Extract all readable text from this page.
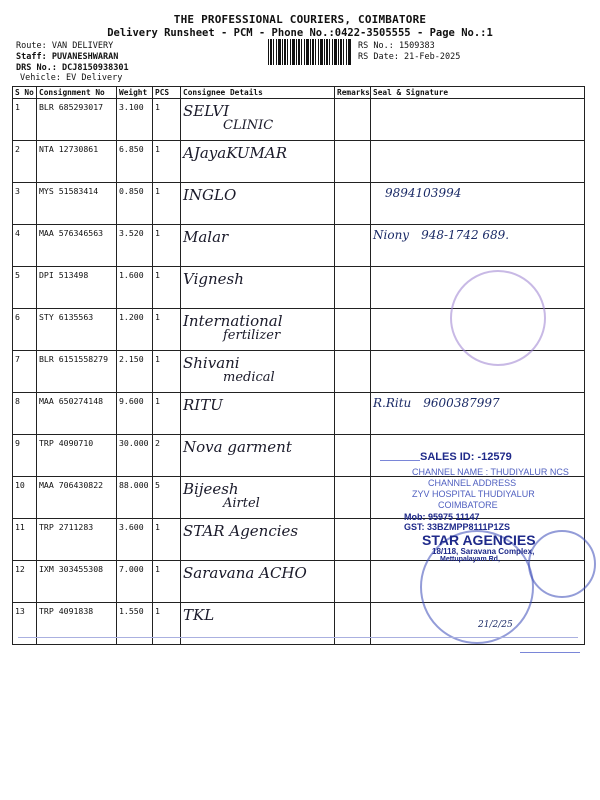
THE PROFESSIONAL COURIERS, COIMBATORE
Delivery Runsheet - PCM - Phone No.:0422-3505555 - Page No.:1
Route: VAN DELIVERY
Staff: PUVANESHWARAN
DRS No.: DCJ8150938301
Vehicle: EV Delivery
RS No.: 1509383
RS Date: 21-Feb-2025
S No	Consignment No	Weight	PCS	Consignee Details	Remarks	Seal & Signature
1	BLR 685293017	3.100	1	SELVI
CLINIC		

2	NTA 12730861	6.850	1	AJayaKUMAR

3	MYS 51583414	0.850	1	INGLO		9894103994
4	MAA 576346563	3.520	1	Malar		Niony 948-1742 689.
5	DPI 513498	1.600	1	Vignesh

6	STY 6135563	1.200	1	International
fertilizer		

7	BLR 6151558279	2.150	1	Shivani
medical		

8	MAA 650274148	9.600	1	RITU		R.Ritu 9600387997
9	TRP 4090710	30.000	2	Nova garment

10	MAA 706430822	88.000	5	Bijeesh
Airtel		

11	TRP 2711283	3.600	1	STAR Agencies

12	IXM 303455308	7.000	1	Saravana ACHO

13	TRP 4091838	1.550	1	TKL

SALES ID: -12579
CHANNEL NAME : THUDIYALUR NCS
CHANNEL ADDRESS
ZYV HOSPITAL THUDIYALUR
COIMBATORE
Mob: 95975 11147
GST: 33BZMPP8111P1ZS
STAR AGENCIES
18/118, Saravana Complex,
Mettupalayam Rd,
21/2/25
